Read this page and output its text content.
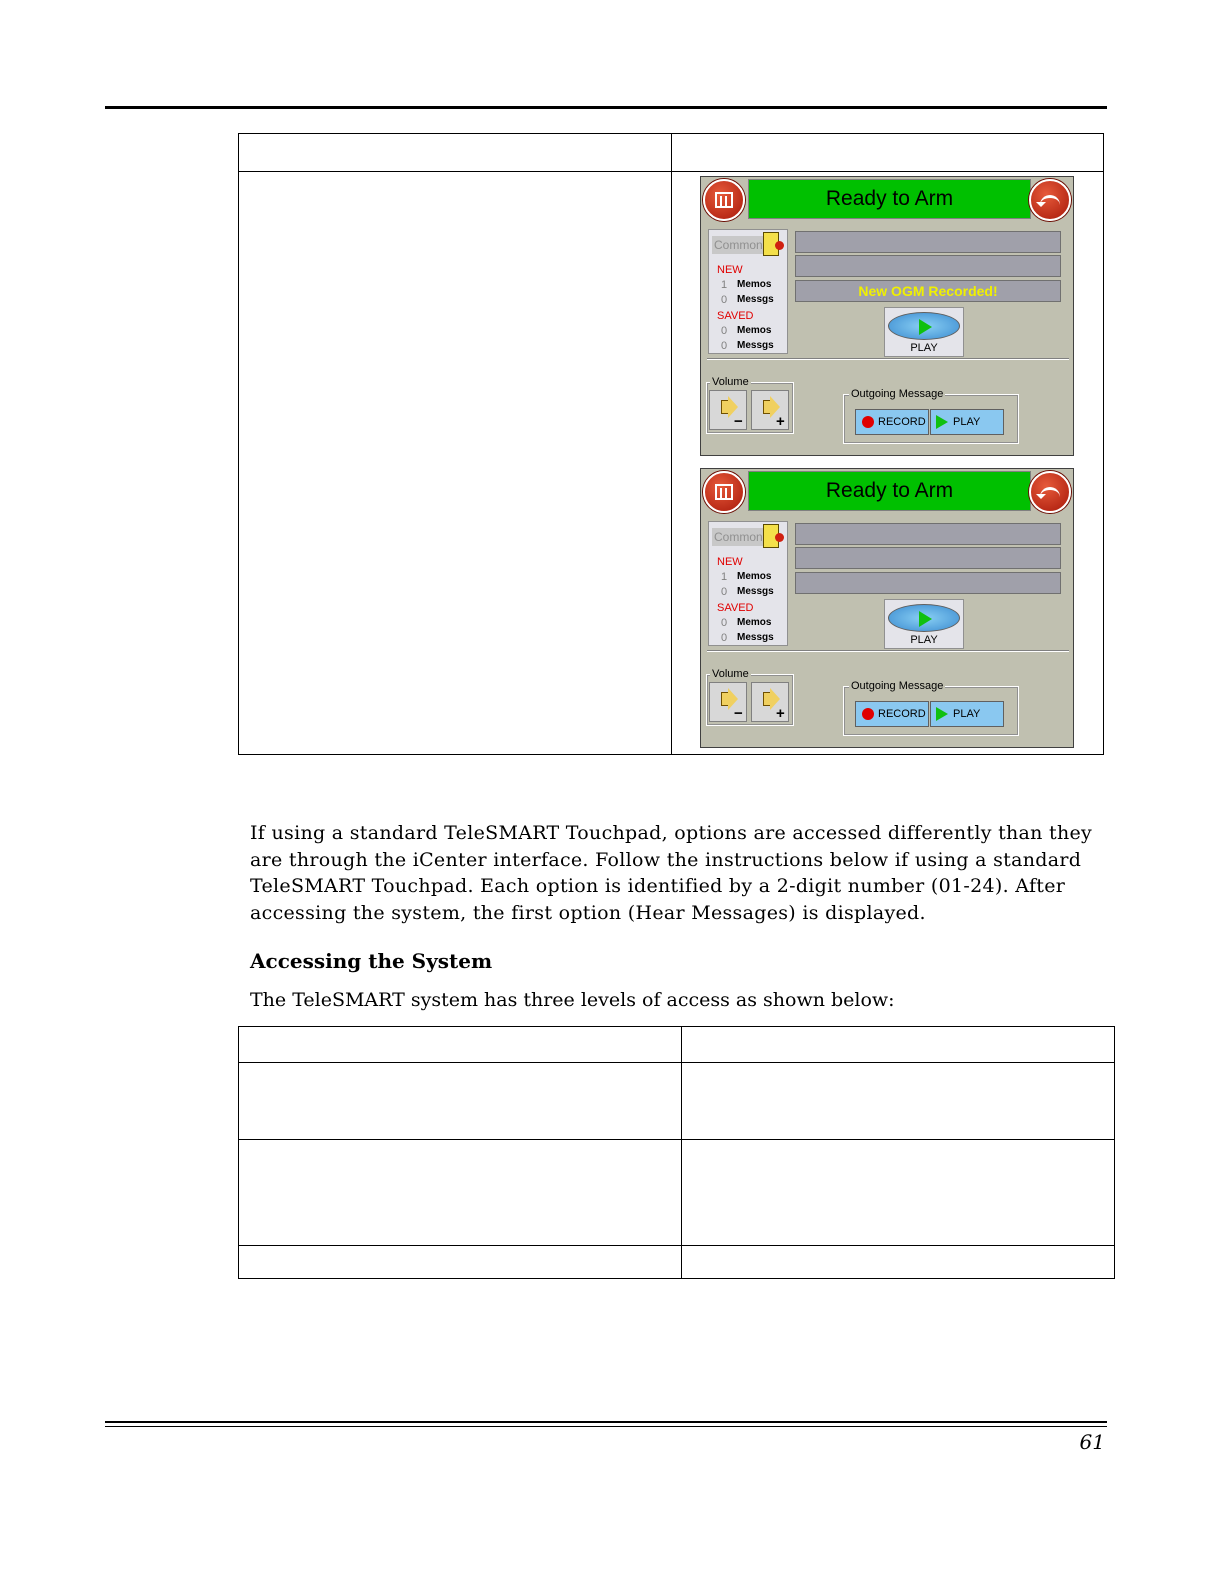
Ready to Arm
Common
NEW
1 Memos
0 Messgs
SAVED
0 Memos
0 Messgs
New OGM Recorded!
PLAY
− +
Volume
RECORD PLAY
Outgoing Message
Ready to Arm
Common
NEW
1 Memos
0 Messgs
SAVED
0 Memos
0 Messgs	PLAY
− +
Volume
RECORD PLAY
Outgoing Message
If using a standard TeleSMART Touchpad, options are accessed differently than they are through the iCenter interface. Follow the instructions below if using a standard TeleSMART Touchpad. Each option is identified by a 2-digit number (01-24). After accessing the system, the first option (Hear Messages) is displayed.
Accessing the System
The TeleSMART system has three levels of access as shown below:
61
